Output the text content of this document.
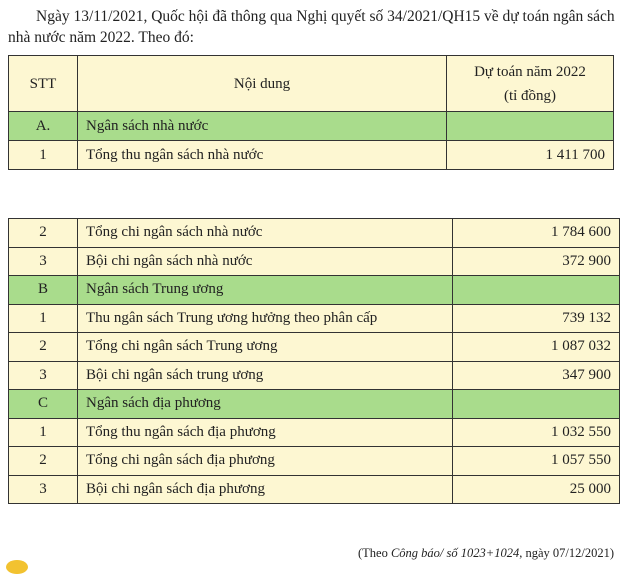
Ngày 13/11/2021, Quốc hội đã thông qua Nghị quyết số 34/2021/QH15 về dự toán ngân sách nhà nước năm 2022. Theo đó:
STT	Nội dung	Dự toán năm 2022
(tỉ đồng)
A.	Ngân sách nhà nước	
1	Tổng thu ngân sách nhà nước	1 411 700
2	Tổng chi ngân sách nhà nước	1 784 600
3	Bội chi ngân sách nhà nước	372 900
B	Ngân sách Trung ương	
1	Thu ngân sách Trung ương hưởng theo phân cấp	739 132
2	Tổng chi ngân sách Trung ương	1 087 032
3	Bội chi ngân sách trung ương	347 900
C	Ngân sách địa phương	
1	Tổng thu ngân sách địa phương	1 032 550
2	Tổng chi ngân sách địa phương	1 057 550
3	Bội chi ngân sách địa phương	25 000
(Theo Công báo/ số 1023+1024, ngày 07/12/2021)
